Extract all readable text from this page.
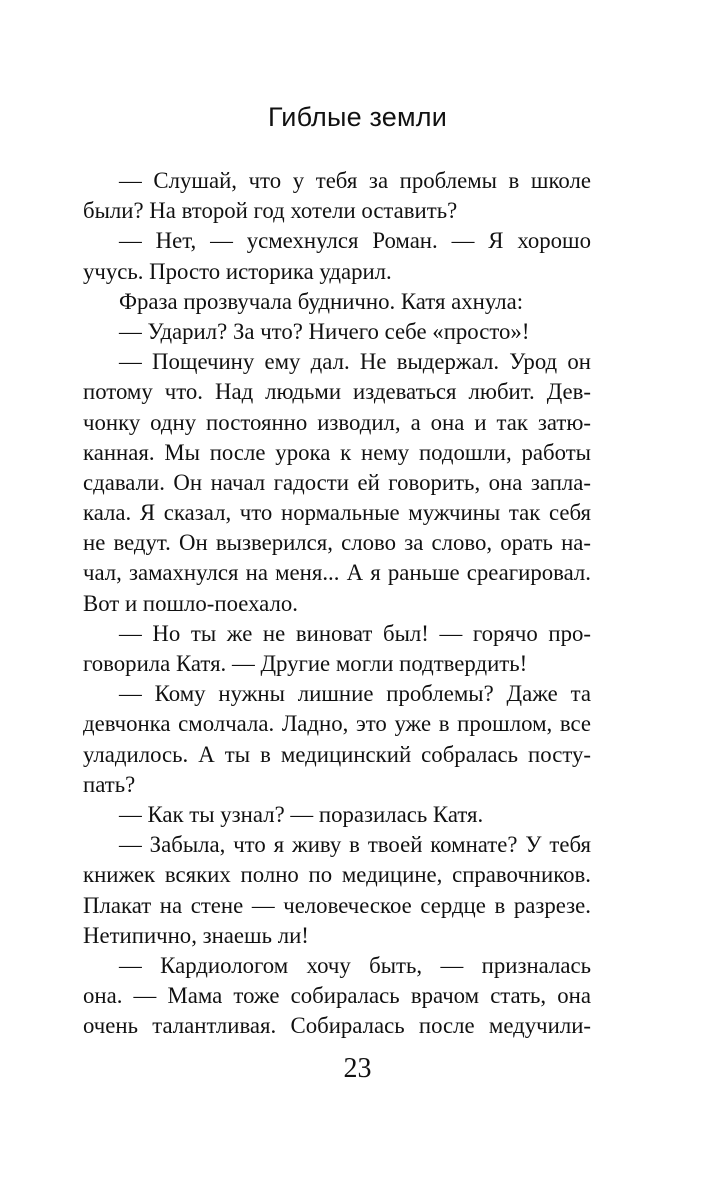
Гиблые земли
— Слушай, что у тебя за проблемы в школе
были? На второй год хотели оставить?
— Нет, — усмехнулся Роман. — Я хорошо
учусь. Просто историка ударил.
Фраза прозвучала буднично. Катя ахнула:
— Ударил? За что? Ничего себе «просто»!
— Пощечину ему дал. Не выдержал. Урод он
потому что. Над людьми издеваться любит. Дев-
чонку одну постоянно изводил, а она и так затю-
канная. Мы после урока к нему подошли, работы
сдавали. Он начал гадости ей говорить, она запла-
кала. Я сказал, что нормальные мужчины так себя
не ведут. Он вызверился, слово за слово, орать на-
чал, замахнулся на меня... А я раньше среагировал.
Вот и пошло-поехало.
— Но ты же не виноват был! — горячо про-
говорила Катя. — Другие могли подтвердить!
— Кому нужны лишние проблемы? Даже та
девчонка смолчала. Ладно, это уже в прошлом, все
уладилось. А ты в медицинский собралась посту-
пать?
— Как ты узнал? — поразилась Катя.
— Забыла, что я живу в твоей комнате? У тебя
книжек всяких полно по медицине, справочников.
Плакат на стене — человеческое сердце в разрезе.
Нетипично, знаешь ли!
— Кардиологом хочу быть, — призналась
она. — Мама тоже собиралась врачом стать, она
очень талантливая. Собиралась после медучили-
23
